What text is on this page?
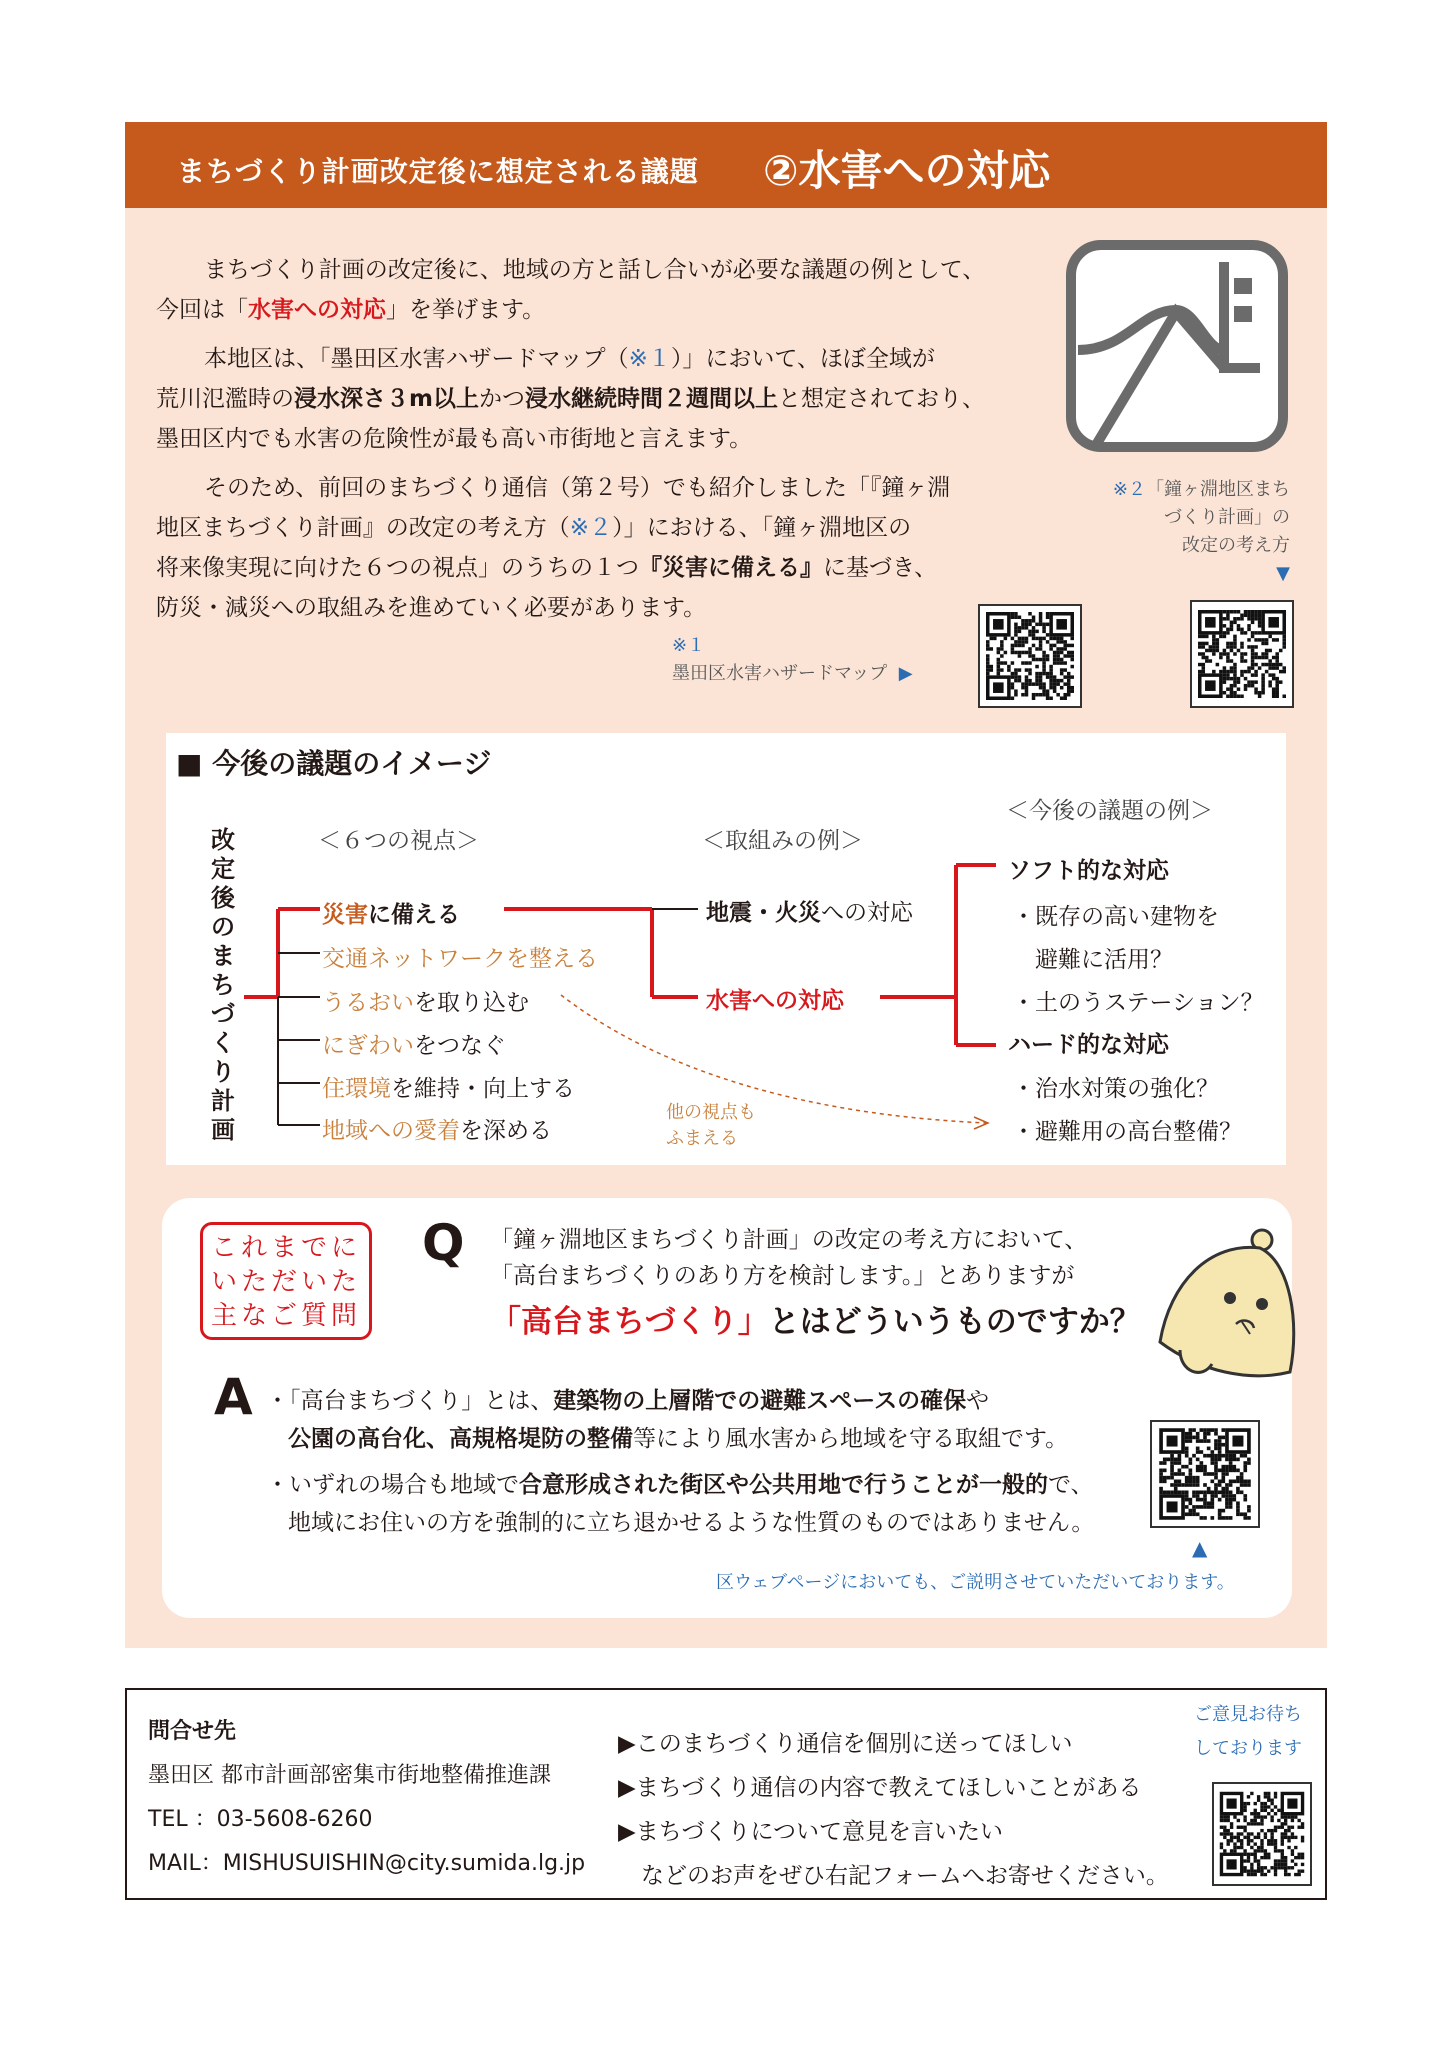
まちづくり計画改定後に想定される議題 ②水害への対応

まちづくり計画の改定後に、地域の方と話し合いが必要な議題の例として、
今回は「水害への対応」を挙げます。

本地区は、「墨田区水害ハザードマップ（※１）」において、ほぼ全域が
荒川氾濫時の浸水深さ３m以上かつ浸水継続時間２週間以上と想定されており、
墨田区内でも水害の危険性が最も高い市街地と言えます。

そのため、前回のまちづくり通信（第２号）でも紹介しました「『鐘ヶ淵
地区まちづくり計画』の改定の考え方（※２）」における、「鐘ヶ淵地区の
将来像実現に向けた６つの視点」のうちの１つ『災害に備える』に基づき、
防災・減災への取組みを進めていく必要があります。

※２「鐘ヶ淵地区まち
づくり計画」の
改定の考え方
▼
※１
墨田区水害ハザードマップ ▶
■ 今後の議題のイメージ
改
定
後
の
ま
ち
づ
く
り
計
画
＜６つの視点＞	＜取組みの例＞
＜今後の議題の例＞
災害に備える
交通ネットワークを整える
うるおいを取り込む
にぎわいをつなぐ
住環境を維持・向上する
地域への愛着を深める
地震・火災への対応
水害への対応
他の視点も
ふまえる
ソフト的な対応
・既存の高い建物を
　避難に活用？
・土のうステーション？
ハード的な対応
・治水対策の強化？
・避難用の高台整備？
これまでに
いただいた
主なご質問
Q 「鐘ヶ淵地区まちづくり計画」の改定の考え方において、
「高台まちづくりのあり方を検討します。」とありますが
「高台まちづくり」とはどういうものですか？
A ・「高台まちづくり」とは、建築物の上層階での避難スペースの確保や
公園の高台化、高規格堤防の整備等により風水害から地域を守る取組です。
・いずれの場合も地域で合意形成された街区や公共用地で行うことが一般的で、
地域にお住いの方を強制的に立ち退かせるような性質のものではありません。
▲
区ウェブページにおいても、ご説明させていただいております。
問合せ先
墨田区 都市計画部密集市街地整備推進課
TEL ：03-5608-6260
MAIL：MISHUSUISHIN@city.sumida.lg.jp
▶このまちづくり通信を個別に送ってほしい
▶まちづくり通信の内容で教えてほしいことがある
▶まちづくりについて意見を言いたい
　などのお声をぜひ右記フォームへお寄せください。
ご意見お待ち
しております
